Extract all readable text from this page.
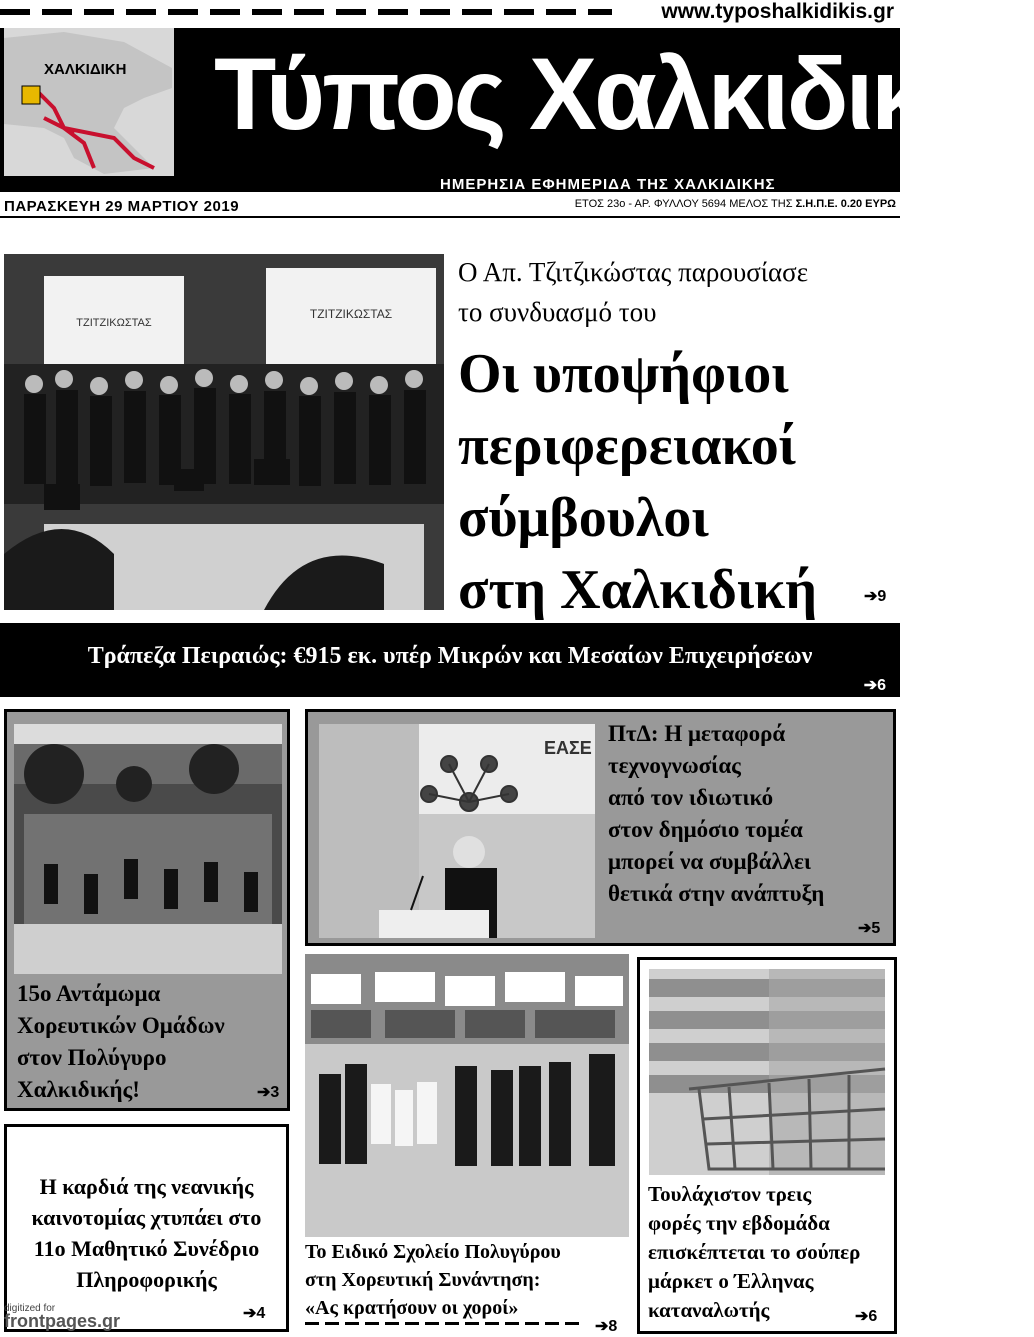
www.typoshalkidikis.gr
ΧΑΛΚΙΔΙΚΗ Τύπος Χαλκιδικής
ΗΜΕΡΗΣΙΑ ΕΦΗΜΕΡΙΔΑ ΤΗΣ ΧΑΛΚΙΔΙΚΗΣ
ΠΑΡΑΣΚΕΥΗ 29 ΜΑΡΤΙΟΥ 2019	ΕΤΟΣ 23ο - ΑΡ. ΦΥΛΛΟΥ 5694 ΜΕΛΟΣ ΤΗΣ Σ.Η.Π.Ε. 0.20 ΕΥΡΩ
ΤΖΙΤΖΙΚΩΣΤΑΣ
ΤΖΙΤΖΙΚΩΣΤΑΣ
Ο Απ. Τζιτζικώστας παρουσίασε
το συνδυασμό του
Οι υποψήφιοι
περιφερειακοί
σύμβουλοι
στη Χαλκιδική	➔9
Τράπεζα Πειραιώς: €915 εκ. υπέρ Μικρών και Μεσαίων Επιχειρήσεων
➔6
15ο Αντάμωμα
Χορευτικών Ομάδων
στον Πολύγυρο
Χαλκιδικής!	➔3
ΕΑΣΕ
ΠτΔ: Η μεταφορά
τεχνογνωσίας
από τον ιδιωτικό
στον δημόσιο τομέα
μπορεί να συμβάλλει
θετικά στην ανάπτυξη
➔5
Το Ειδικό Σχολείο Πολυγύρου
στη Χορευτική Συνάντηση:
«Ας κρατήσουν οι χοροί»
➔8
Η καρδιά της νεανικής
καινοτομίας χτυπάει στο
11ο Μαθητικό Συνέδριο
Πληροφορικής
➔4
Τουλάχιστον τρεις
φορές την εβδομάδα
επισκέπτεται το σούπερ
μάρκετ ο Έλληνας
καταναλωτής	➔6
digitized for
frontpages.gr
